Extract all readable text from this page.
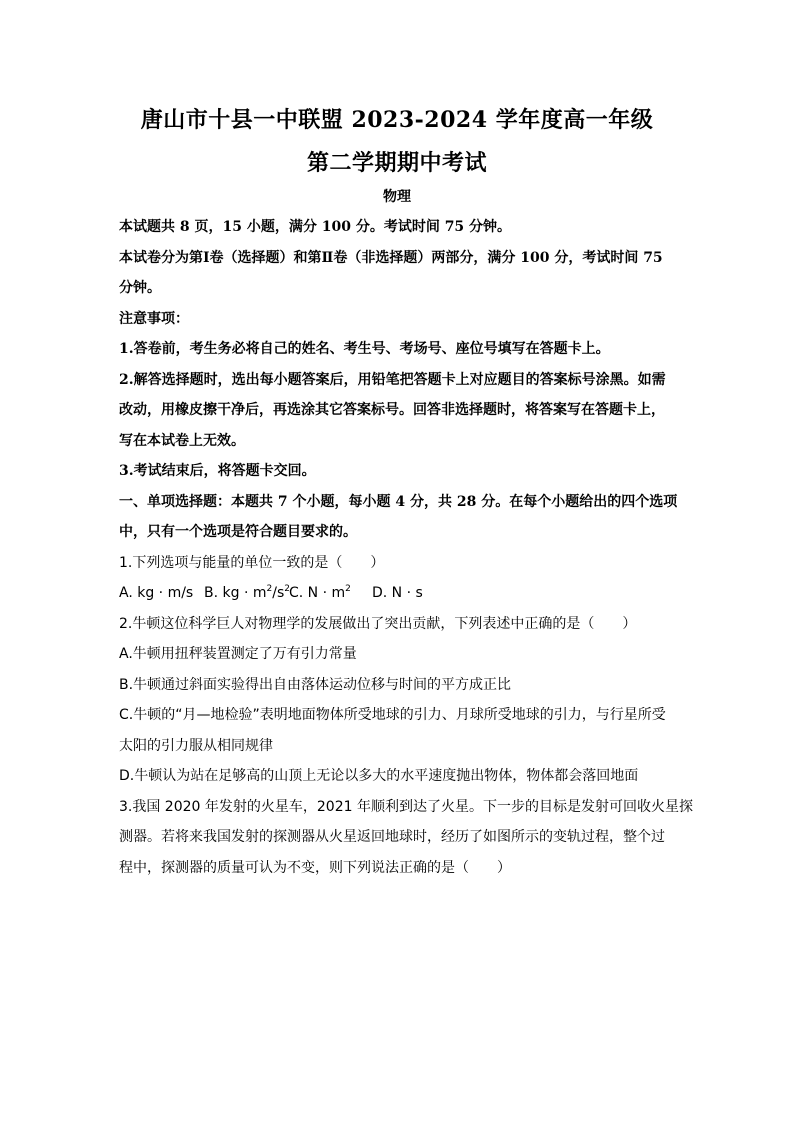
唐山市十县一中联盟 2023-2024 学年度高一年级
第二学期期中考试
物理
本试题共 8 页，15 小题，满分 100 分。考试时间 75 分钟。
本试卷分为第Ⅰ卷（选择题）和第Ⅱ卷（非选择题）两部分，满分 100 分，考试时间 75
分钟。
注意事项：
1.答卷前，考生务必将自己的姓名、考生号、考场号、座位号填写在答题卡上。
2.解答选择题时，选出每小题答案后，用铅笔把答题卡上对应题目的答案标号涂黑。如需
改动，用橡皮擦干净后，再选涂其它答案标号。回答非选择题时，将答案写在答题卡上，
写在本试卷上无效。
3.考试结束后，将答题卡交回。
一、单项选择题：本题共 7 个小题，每小题 4 分，共 28 分。在每个小题给出的四个选项
中，只有一个选项是符合题目要求的。
1.下列选项与能量的单位一致的是（　　）
A. kg · m/s B. kg · $m^2/s^2C$. $N \cdot m^2$ D. N · s
2.牛顿这位科学巨人对物理学的发展做出了突出贡献，下列表述中正确的是（　　）
A.牛顿用扭秤装置测定了万有引力常量
B.牛顿通过斜面实验得出自由落体运动位移与时间的平方成正比
C.牛顿的“月—地检验”表明地面物体所受地球的引力、月球所受地球的引力，与行星所受
太阳的引力服从相同规律
D.牛顿认为站在足够高的山顶上无论以多大的水平速度抛出物体，物体都会落回地面
3.我国 2020 年发射的火星车，2021 年顺利到达了火星。下一步的目标是发射可回收火星探
测器。若将来我国发射的探测器从火星返回地球时，经历了如图所示的变轨过程，整个过
程中，探测器的质量可认为不变，则下列说法正确的是（　　）
